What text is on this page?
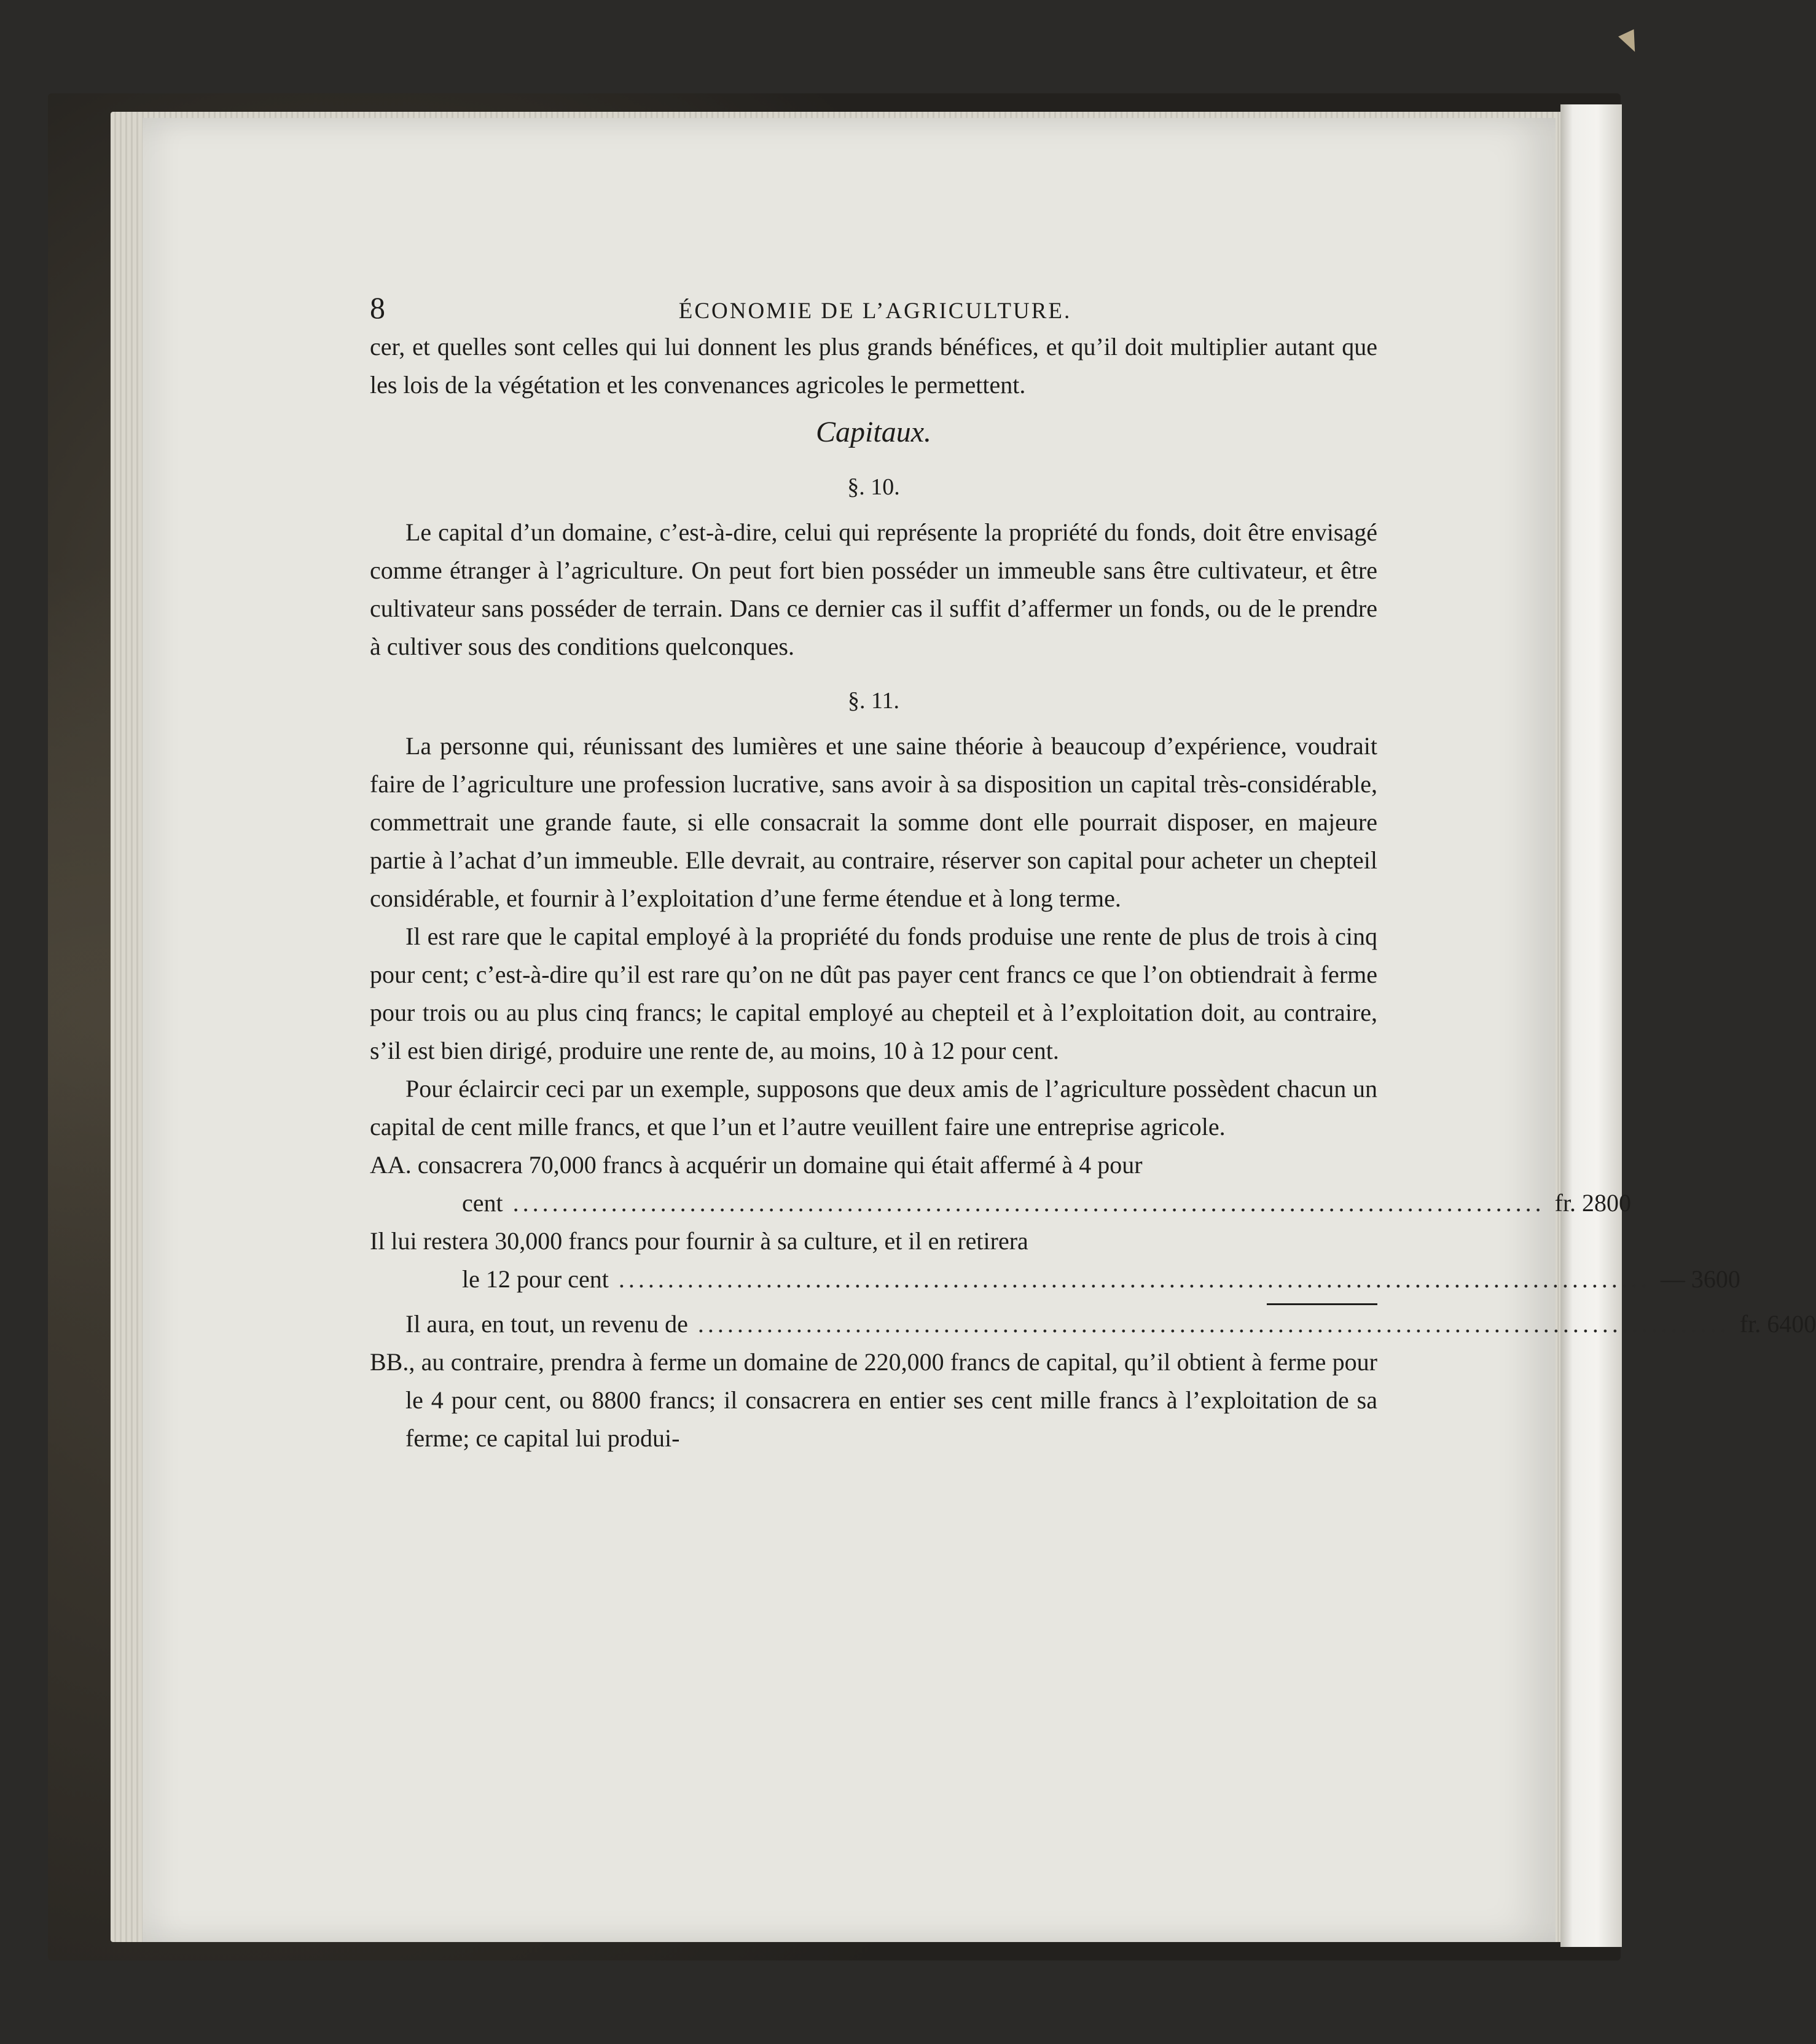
8	ÉCONOMIE DE L’AGRICULTURE.

cer, et quelles sont celles qui lui donnent les plus grands bénéfices, et qu’il doit multiplier autant que les lois de la végétation et les convenances agricoles le permettent.

Capitaux.
§. 10.

Le capital d’un domaine, c’est-à-dire, celui qui représente la propriété du fonds, doit être envisagé comme étranger à l’agriculture. On peut fort bien posséder un immeuble sans être cultivateur, et être cultivateur sans posséder de terrain. Dans ce dernier cas il suffit d’affermer un fonds, ou de le prendre à cultiver sous des conditions quelconques.

§. 11.

La personne qui, réunissant des lumières et une saine théorie à beaucoup d’expérience, voudrait faire de l’agriculture une profession lucrative, sans avoir à sa disposition un capital très-considérable, commettrait une grande faute, si elle consacrait la somme dont elle pourrait disposer, en majeure partie à l’achat d’un immeuble. Elle devrait, au contraire, réserver son capital pour acheter un chepteil considérable, et fournir à l’exploitation d’une ferme étendue et à long terme.

Il est rare que le capital employé à la propriété du fonds produise une rente de plus de trois à cinq pour cent; c’est-à-dire qu’il est rare qu’on ne dût pas payer cent francs ce que l’on obtiendrait à ferme pour trois ou au plus cinq francs; le capital employé au chepteil et à l’exploitation doit, au contraire, s’il est bien dirigé, produire une rente de, au moins, 10 à 12 pour cent.

Pour éclaircir ceci par un exemple, supposons que deux amis de l’agriculture possèdent chacun un capital de cent mille francs, et que l’un et l’autre veuillent faire une entreprise agricole.

AA. consacrera 70,000 francs à acquérir un domaine qui était affermé à 4 pour
cent ......................................................................................................... fr. 2800
Il lui restera 30,000 francs pour fournir à sa culture, et il en retirera
le 12 pour cent ......................................................................................................... — 3600
Il aura, en tout, un revenu de ......................................................................................................... fr. 6400

BB., au contraire, prendra à ferme un domaine de 220,000 francs de capital, qu’il obtient à ferme pour le 4 pour cent, ou 8800 francs; il consacrera en entier ses cent mille francs à l’exploitation de sa ferme; ce capital lui produi-
